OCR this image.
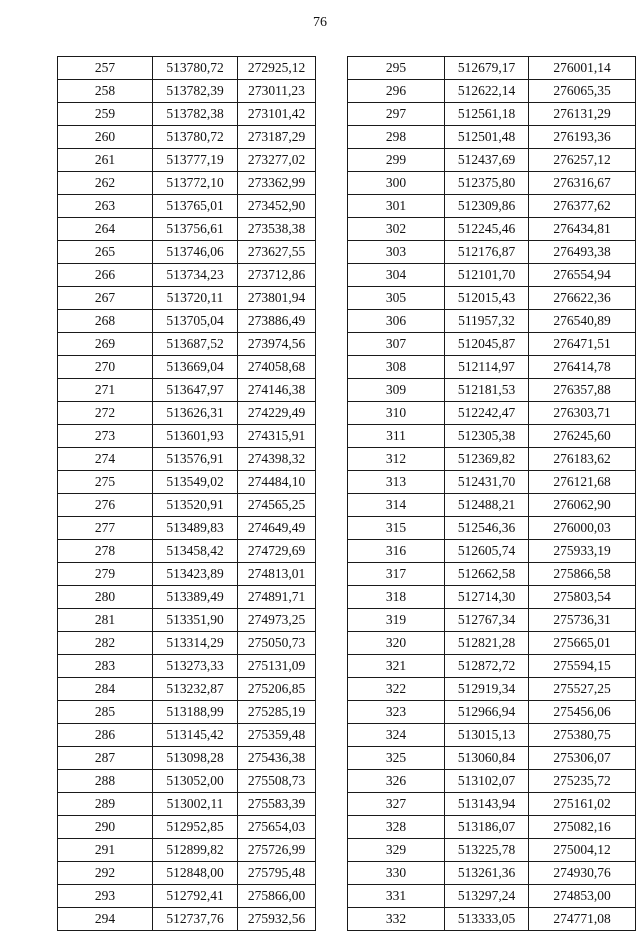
76
257	513780,72	272925,12
258	513782,39	273011,23
259	513782,38	273101,42
260	513780,72	273187,29
261	513777,19	273277,02
262	513772,10	273362,99
263	513765,01	273452,90
264	513756,61	273538,38
265	513746,06	273627,55
266	513734,23	273712,86
267	513720,11	273801,94
268	513705,04	273886,49
269	513687,52	273974,56
270	513669,04	274058,68
271	513647,97	274146,38
272	513626,31	274229,49
273	513601,93	274315,91
274	513576,91	274398,32
275	513549,02	274484,10
276	513520,91	274565,25
277	513489,83	274649,49
278	513458,42	274729,69
279	513423,89	274813,01
280	513389,49	274891,71
281	513351,90	274973,25
282	513314,29	275050,73
283	513273,33	275131,09
284	513232,87	275206,85
285	513188,99	275285,19
286	513145,42	275359,48
287	513098,28	275436,38
288	513052,00	275508,73
289	513002,11	275583,39
290	512952,85	275654,03
291	512899,82	275726,99
292	512848,00	275795,48
293	512792,41	275866,00
294	512737,76	275932,56
295	512679,17	276001,14
296	512622,14	276065,35
297	512561,18	276131,29
298	512501,48	276193,36
299	512437,69	276257,12
300	512375,80	276316,67
301	512309,86	276377,62
302	512245,46	276434,81
303	512176,87	276493,38
304	512101,70	276554,94
305	512015,43	276622,36
306	511957,32	276540,89
307	512045,87	276471,51
308	512114,97	276414,78
309	512181,53	276357,88
310	512242,47	276303,71
311	512305,38	276245,60
312	512369,82	276183,62
313	512431,70	276121,68
314	512488,21	276062,90
315	512546,36	276000,03
316	512605,74	275933,19
317	512662,58	275866,58
318	512714,30	275803,54
319	512767,34	275736,31
320	512821,28	275665,01
321	512872,72	275594,15
322	512919,34	275527,25
323	512966,94	275456,06
324	513015,13	275380,75
325	513060,84	275306,07
326	513102,07	275235,72
327	513143,94	275161,02
328	513186,07	275082,16
329	513225,78	275004,12
330	513261,36	274930,76
331	513297,24	274853,00
332	513333,05	274771,08
